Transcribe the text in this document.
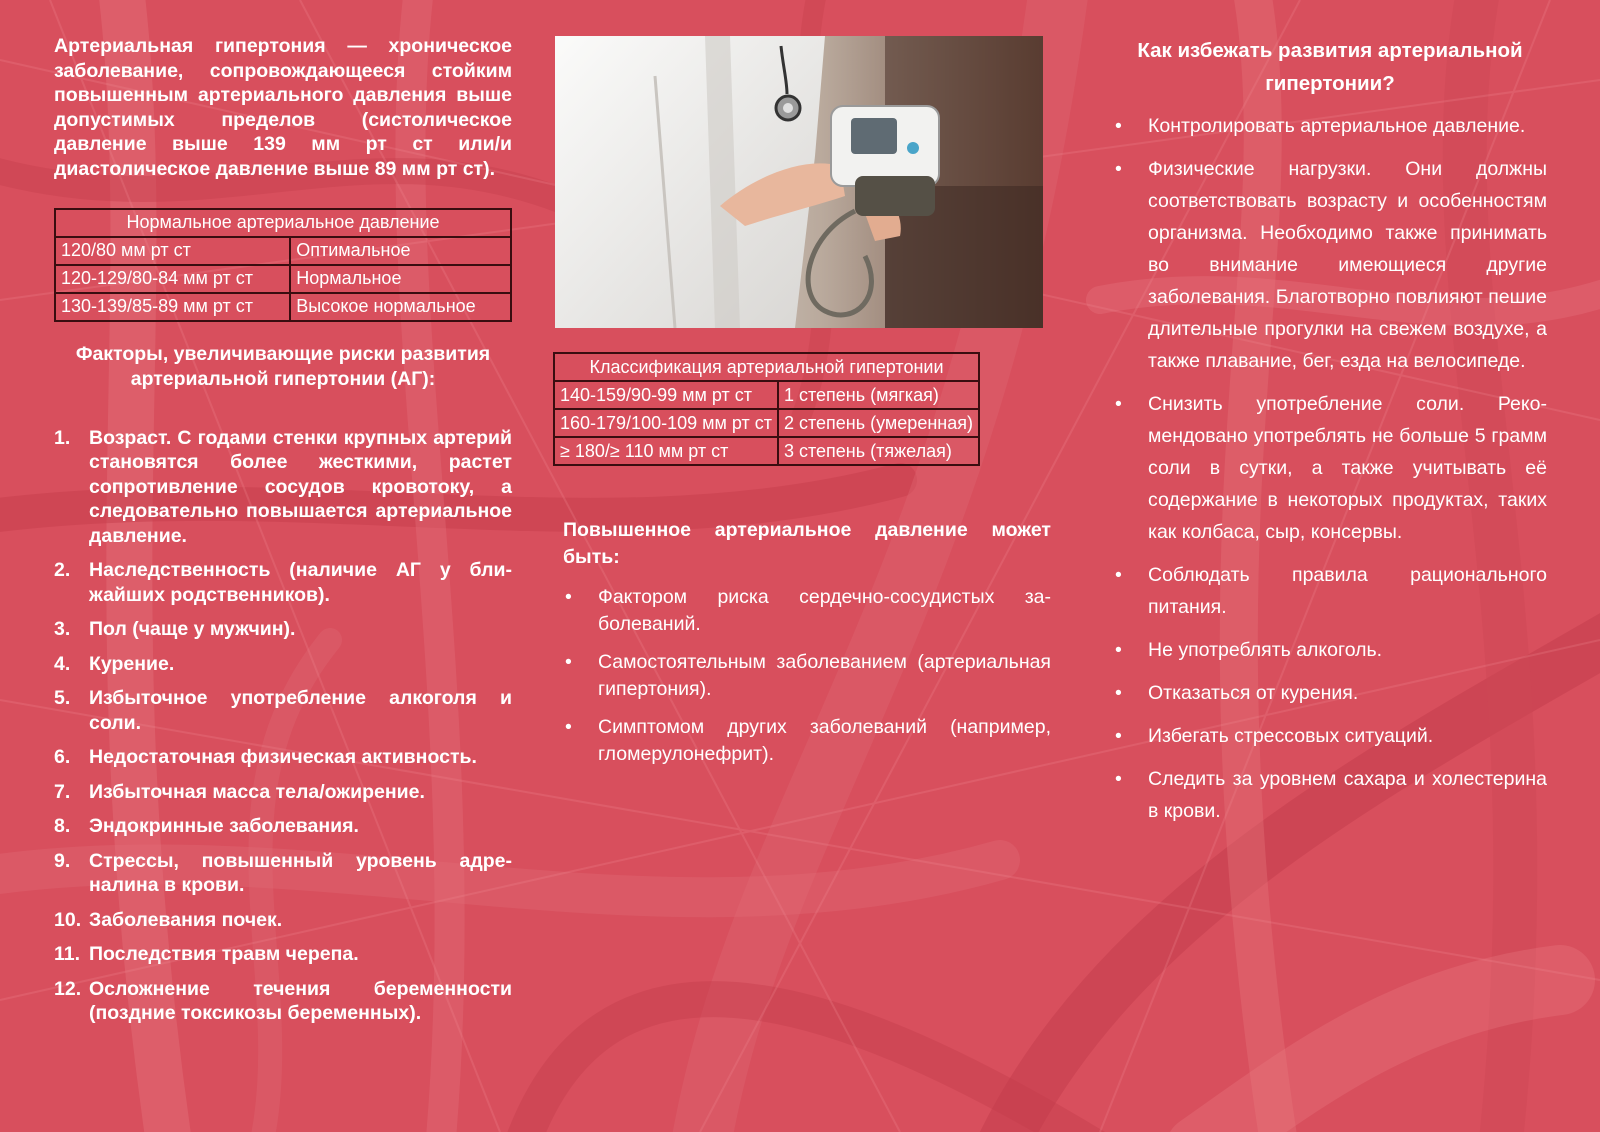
Артериальная гипертония — хроническое заболевание, сопровождающееся стойким повышенным артериального давления выше допустимых пределов (систолическое давление выше 139 мм рт ст или/и диастолическое давление выше 89 мм рт ст).

Нормальное артериальное давление	
120/80 мм рт ст	Оптимальное
120-129/80-84 мм рт ст	Нормальное
130-139/85-89 мм рт ст	Высокое нормальное

Факторы, увеличивающие риски развития артериальной гипертонии (АГ):

1. Возраст. С годами стенки крупных артерий становятся более жесткими, растет сопротивление сосудов кровотоку, а следовательно повышается артериальное давление.
2. Наследственность (наличие АГ у ближайших родственников).
3. Пол (чаще у мужчин).
4. Курение.
5. Избыточное употребление алкоголя и соли.
6. Недостаточная физическая активность.
7. Избыточная масса тела/ожирение.
8. Эндокринные заболевания.
9. Стрессы, повышенный уровень адреналина в крови.
10. Заболевания почек.
11. Последствия травм черепа.
12. Осложнение течения беременности (поздние токсикозы беременных).
Классификация артериальной гипертонии	
140-159/90-99 мм рт ст	1 степень (мягкая)
160-179/100-109 мм рт ст	2 степень (умеренная)
≥ 180/≥ 110 мм рт ст	3 степень (тяжелая)

Повышенное артериальное давление может быть:

• Фактором риска сердечно-сосудистых заболеваний.
• Самостоятельным заболеванием (артериальная гипертония).
• Симптомом других заболеваний (например, гломерулонефрит).

Как избежать развития артериальной гипертонии?

• Контролировать артериальное давление.
• Физические нагрузки. Они должны соответствовать возрасту и особенностям организма. Необходимо также принимать во внимание имеющиеся другие заболевания. Благотворно повлияют пешие длительные прогулки на свежем воздухе, а также плавание, бег, езда на велосипеде.
• Снизить употребление соли. Рекомендовано употреблять не больше 5 грамм соли в сутки, а также учитывать её содержание в некоторых продуктах, таких как колбаса, сыр, консервы.
• Соблюдать правила рационального питания.
• Не употреблять алкоголь.
• Отказаться от курения.
• Избегать стрессовых ситуаций.
• Следить за уровнем сахара и холестерина в крови.
